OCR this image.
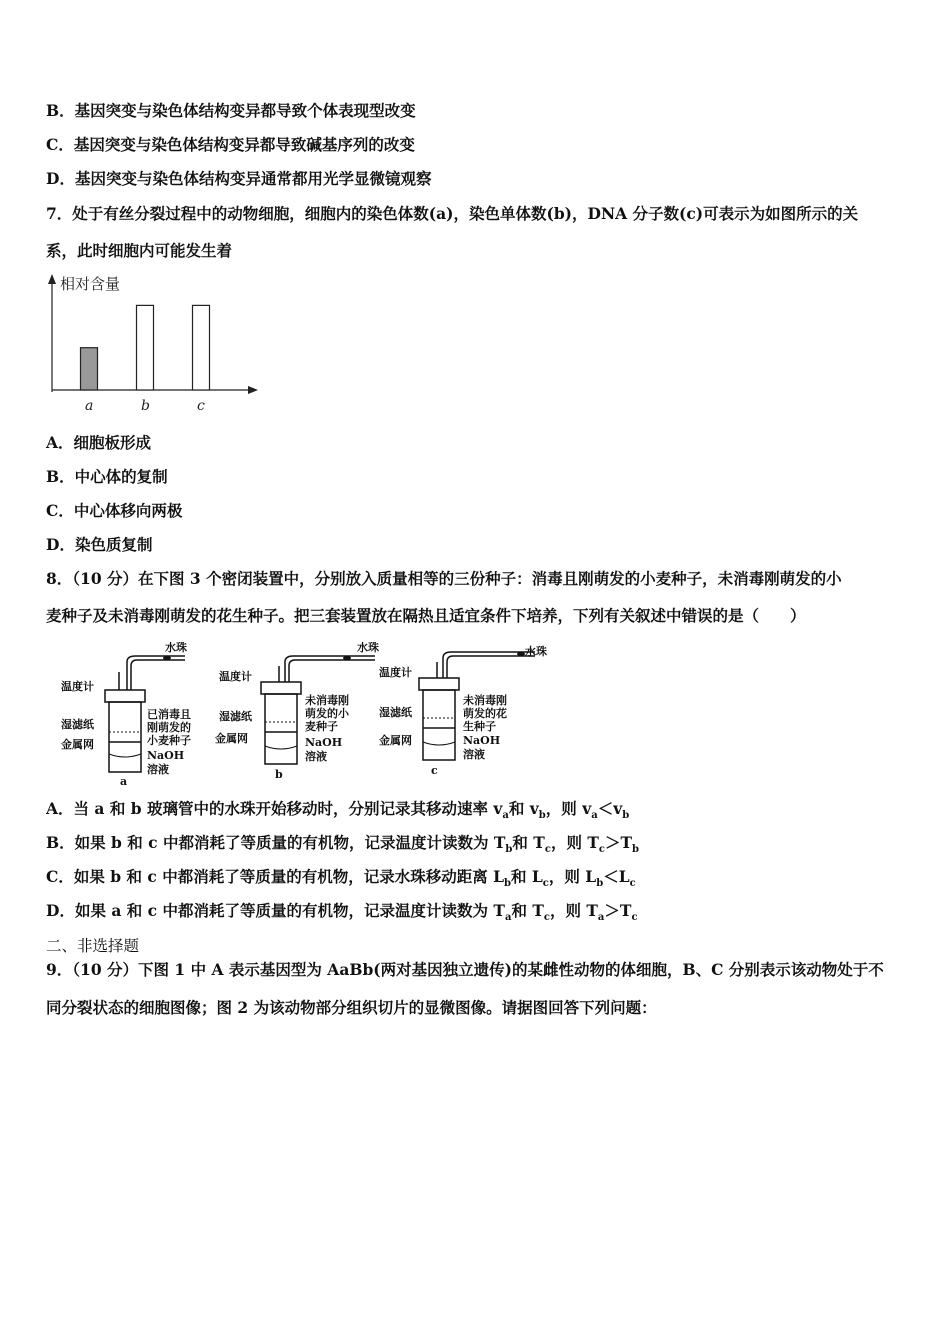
B．基因突变与染色体结构变异都导致个体表现型改变
C．基因突变与染色体结构变异都导致碱基序列的改变
D．基因突变与染色体结构变异通常都用光学显微镜观察
7．处于有丝分裂过程中的动物细胞，细胞内的染色体数(a)，染色单体数(b)，DNA 分子数(c)可表示为如图所示的关
系，此时细胞内可能发生着
相对含量
a	b	c
A．细胞板形成
B．中心体的复制
C．中心体移向两极
D．染色质复制
8．（10 分）在下图 3 个密闭装置中，分别放入质量相等的三份种子：消毒且刚萌发的小麦种子，未消毒刚萌发的小
麦种子及未消毒刚萌发的花生种子。把三套装置放在隔热且适宜条件下培养，下列有关叙述中错误的是（　　）
水珠
温度计
湿滤纸
金属网
已消毒且
刚萌发的
小麦种子
NaOH
溶液
a
水珠
温度计
湿滤纸
金属网
未消毒刚
萌发的小
麦种子
NaOH
溶液
b
水珠
温度计
湿滤纸
金属网
未消毒刚
萌发的花
生种子
NaOH
溶液
c
A．当 a 和 b 玻璃管中的水珠开始移动时，分别记录其移动速率 $v_a$和 $v_b$，则 $v_a<v_b$
B．如果 b 和 c 中都消耗了等质量的有机物，记录温度计读数为 $T_b$和 $T_c$，则 $T_c>T_b$
C．如果 b 和 c 中都消耗了等质量的有机物，记录水珠移动距离 $L_b$和 $L_c$，则 $L_b<L_c$
D．如果 a 和 c 中都消耗了等质量的有机物，记录温度计读数为 $T_a$和 $T_c$，则 $T_a>T_c$
二、非选择题
9．（10 分）下图 1 中 A 表示基因型为 AaBb(两对基因独立遗传)的某雌性动物的体细胞，B、C 分别表示该动物处于不
同分裂状态的细胞图像；图 2 为该动物部分组织切片的显微图像。请据图回答下列问题：
